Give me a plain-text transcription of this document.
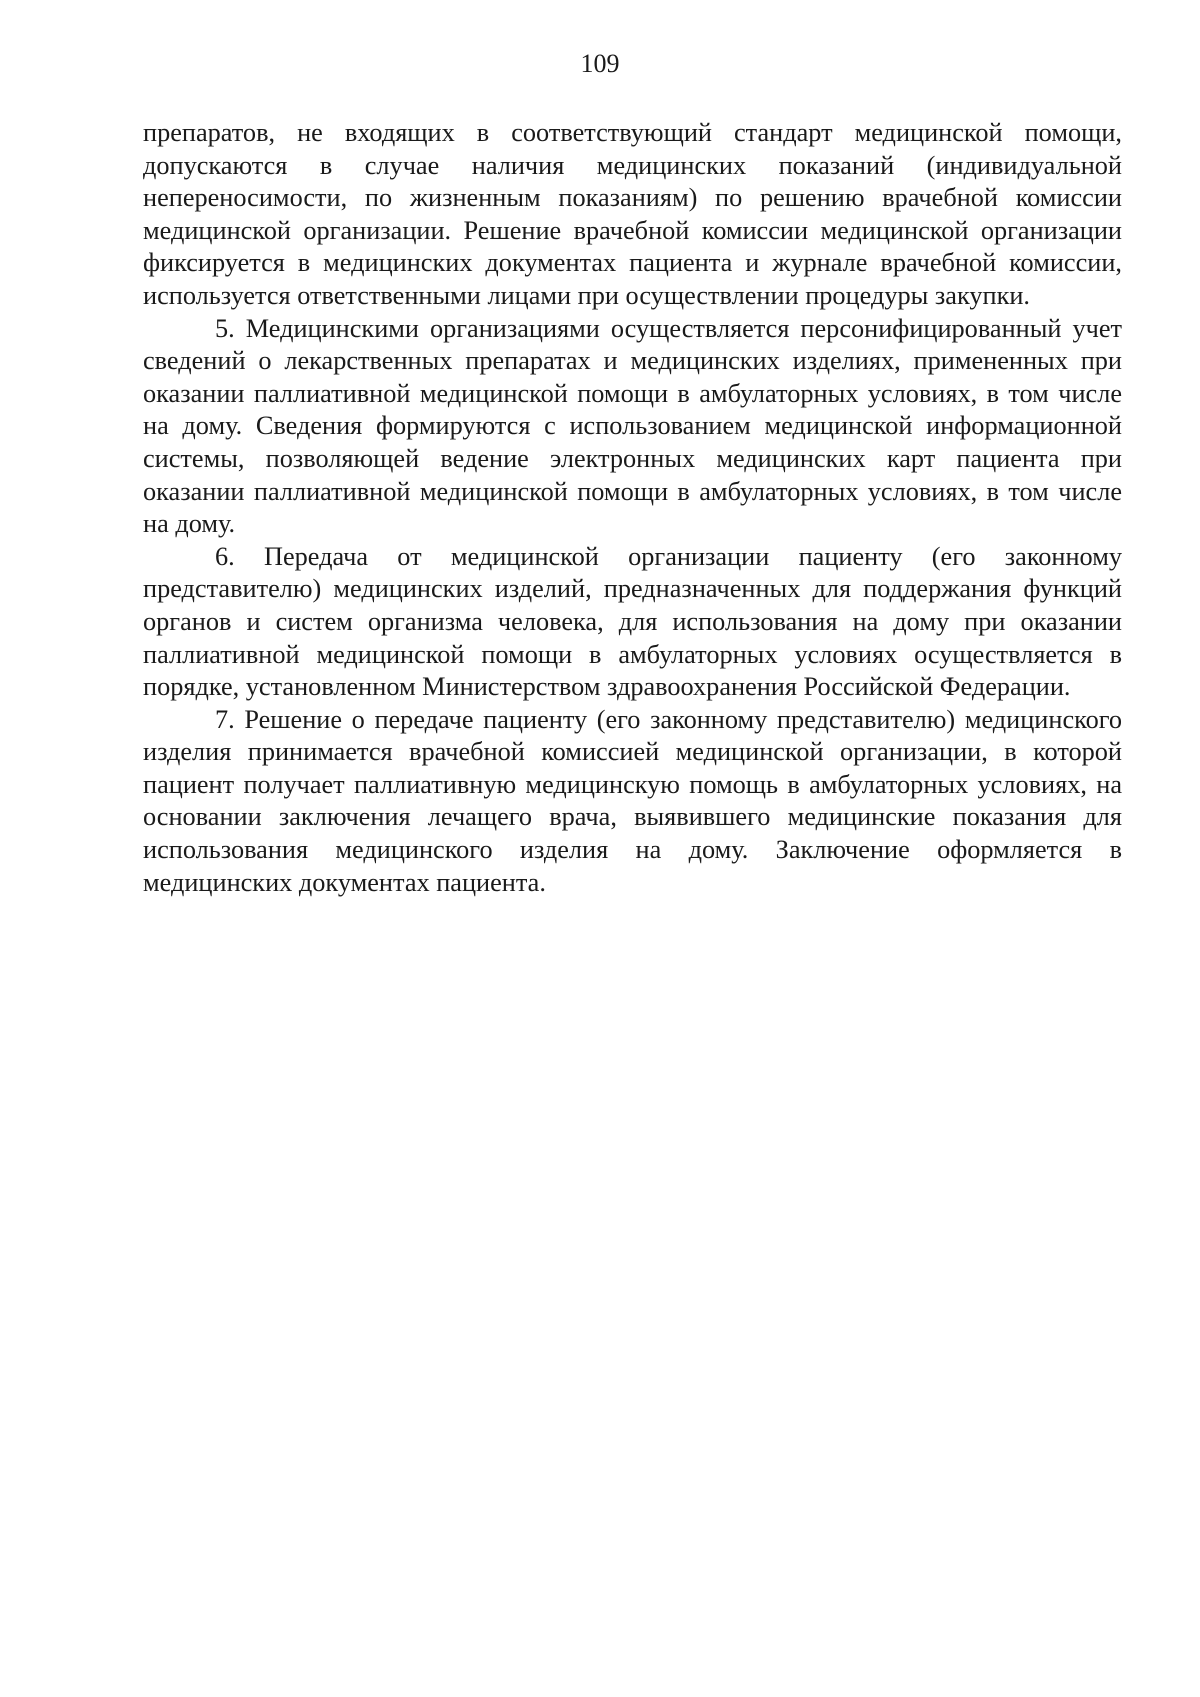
109

препаратов, не входящих в соответствующий стандарт медицинской помощи, допускаются в случае наличия медицинских показаний (индивидуальной непереносимости, по жизненным показаниям) по решению врачебной комиссии медицинской организации. Решение врачебной комиссии медицинской организации фиксируется в медицинских документах пациента и журнале врачебной комиссии, используется ответственными лицами при осуществлении процедуры закупки.

5. Медицинскими организациями осуществляется персонифицированный учет сведений о лекарственных препаратах и медицинских изделиях, примененных при оказании паллиативной медицинской помощи в амбулаторных условиях, в том числе на дому. Сведения формируются с использованием медицинской информационной системы, позволяющей ведение электронных медицинских карт пациента при оказании паллиативной медицинской помощи в амбулаторных условиях, в том числе на дому.

6. Передача от медицинской организации пациенту (его законному представителю) медицинских изделий, предназначенных для поддержания функций органов и систем организма человека, для использования на дому при оказании паллиативной медицинской помощи в амбулаторных условиях осуществляется в порядке, установленном Министерством здравоохранения Российской Федерации.

7. Решение о передаче пациенту (его законному представителю) медицинского изделия принимается врачебной комиссией медицинской организации, в которой пациент получает паллиативную медицинскую помощь в амбулаторных условиях, на основании заключения лечащего врача, выявившего медицинские показания для использования медицинского изделия на дому. Заключение оформляется в медицинских документах пациента.
